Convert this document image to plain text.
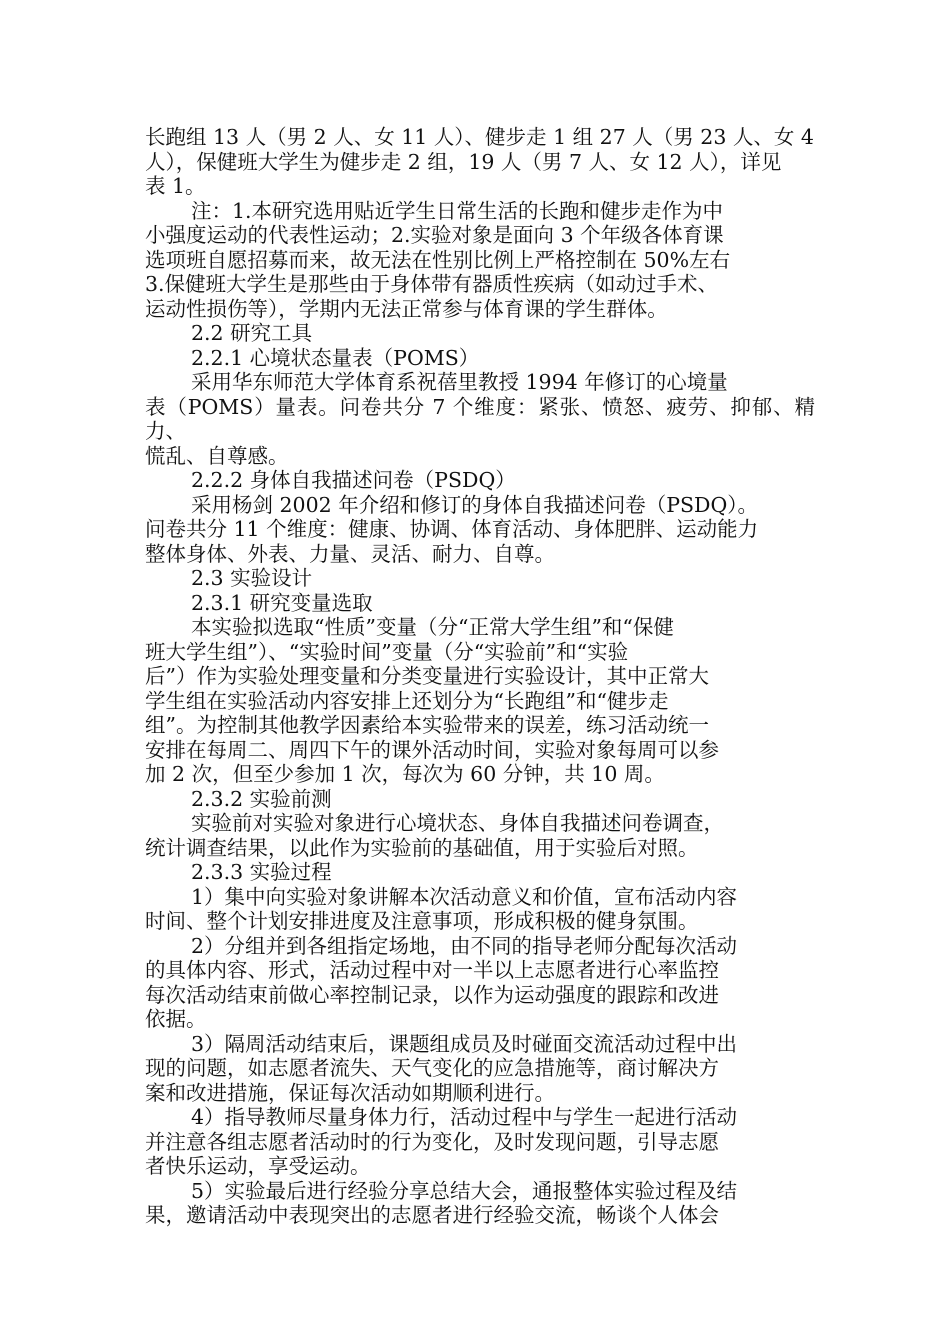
长跑组 13 人（男 2 人、女 11 人）、健步走 1 组 27 人（男 23 人、女 4
人），保健班大学生为健步走 2 组，19 人（男 7 人、女 12 人），详见
表 1。

注：1.本研究选用贴近学生日常生活的长跑和健步走作为中
小强度运动的代表性运动；2.实验对象是面向 3 个年级各体育课
选项班自愿招募而来，故无法在性别比例上严格控制在 50%左右
3.保健班大学生是那些由于身体带有器质性疾病（如动过手术、
运动性损伤等），学期内无法正常参与体育课的学生群体。

2.2 研究工具

2.2.1 心境状态量表（POMS）

采用华东师范大学体育系祝蓓里教授 1994 年修订的心境量
表（POMS）量表。问卷共分 7 个维度：紧张、愤怒、疲劳、抑郁、精力、
慌乱、自尊感。

2.2.2 身体自我描述问卷（PSDQ）

采用杨剑 2002 年介绍和修订的身体自我描述问卷（PSDQ）。
问卷共分 11 个维度：健康、协调、体育活动、身体肥胖、运动能力
整体身体、外表、力量、灵活、耐力、自尊。

2.3 实验设计

2.3.1 研究变量选取

本实验拟选取“性质”变量（分“正常大学生组”和“保健
班大学生组”）、“实验时间”变量（分“实验前”和“实验
后”）作为实验处理变量和分类变量进行实验设计，其中正常大
学生组在实验活动内容安排上还划分为“长跑组”和“健步走
组”。为控制其他教学因素给本实验带来的误差，练习活动统一
安排在每周二、周四下午的课外活动时间，实验对象每周可以参
加 2 次，但至少参加 1 次，每次为 60 分钟，共 10 周。

2.3.2 实验前测

实验前对实验对象进行心境状态、身体自我描述问卷调查，
统计调查结果，以此作为实验前的基础值，用于实验后对照。

2.3.3 实验过程

1）集中向实验对象讲解本次活动意义和价值，宣布活动内容
时间、整个计划安排进度及注意事项，形成积极的健身氛围。

2）分组并到各组指定场地，由不同的指导老师分配每次活动
的具体内容、形式，活动过程中对一半以上志愿者进行心率监控
每次活动结束前做心率控制记录，以作为运动强度的跟踪和改进
依据。

3）隔周活动结束后，课题组成员及时碰面交流活动过程中出
现的问题，如志愿者流失、天气变化的应急措施等，商讨解决方
案和改进措施，保证每次活动如期顺利进行。

4）指导教师尽量身体力行，活动过程中与学生一起进行活动
并注意各组志愿者活动时的行为变化，及时发现问题，引导志愿
者快乐运动，享受运动。

5）实验最后进行经验分享总结大会，通报整体实验过程及结
果，邀请活动中表现突出的志愿者进行经验交流，畅谈个人体会
